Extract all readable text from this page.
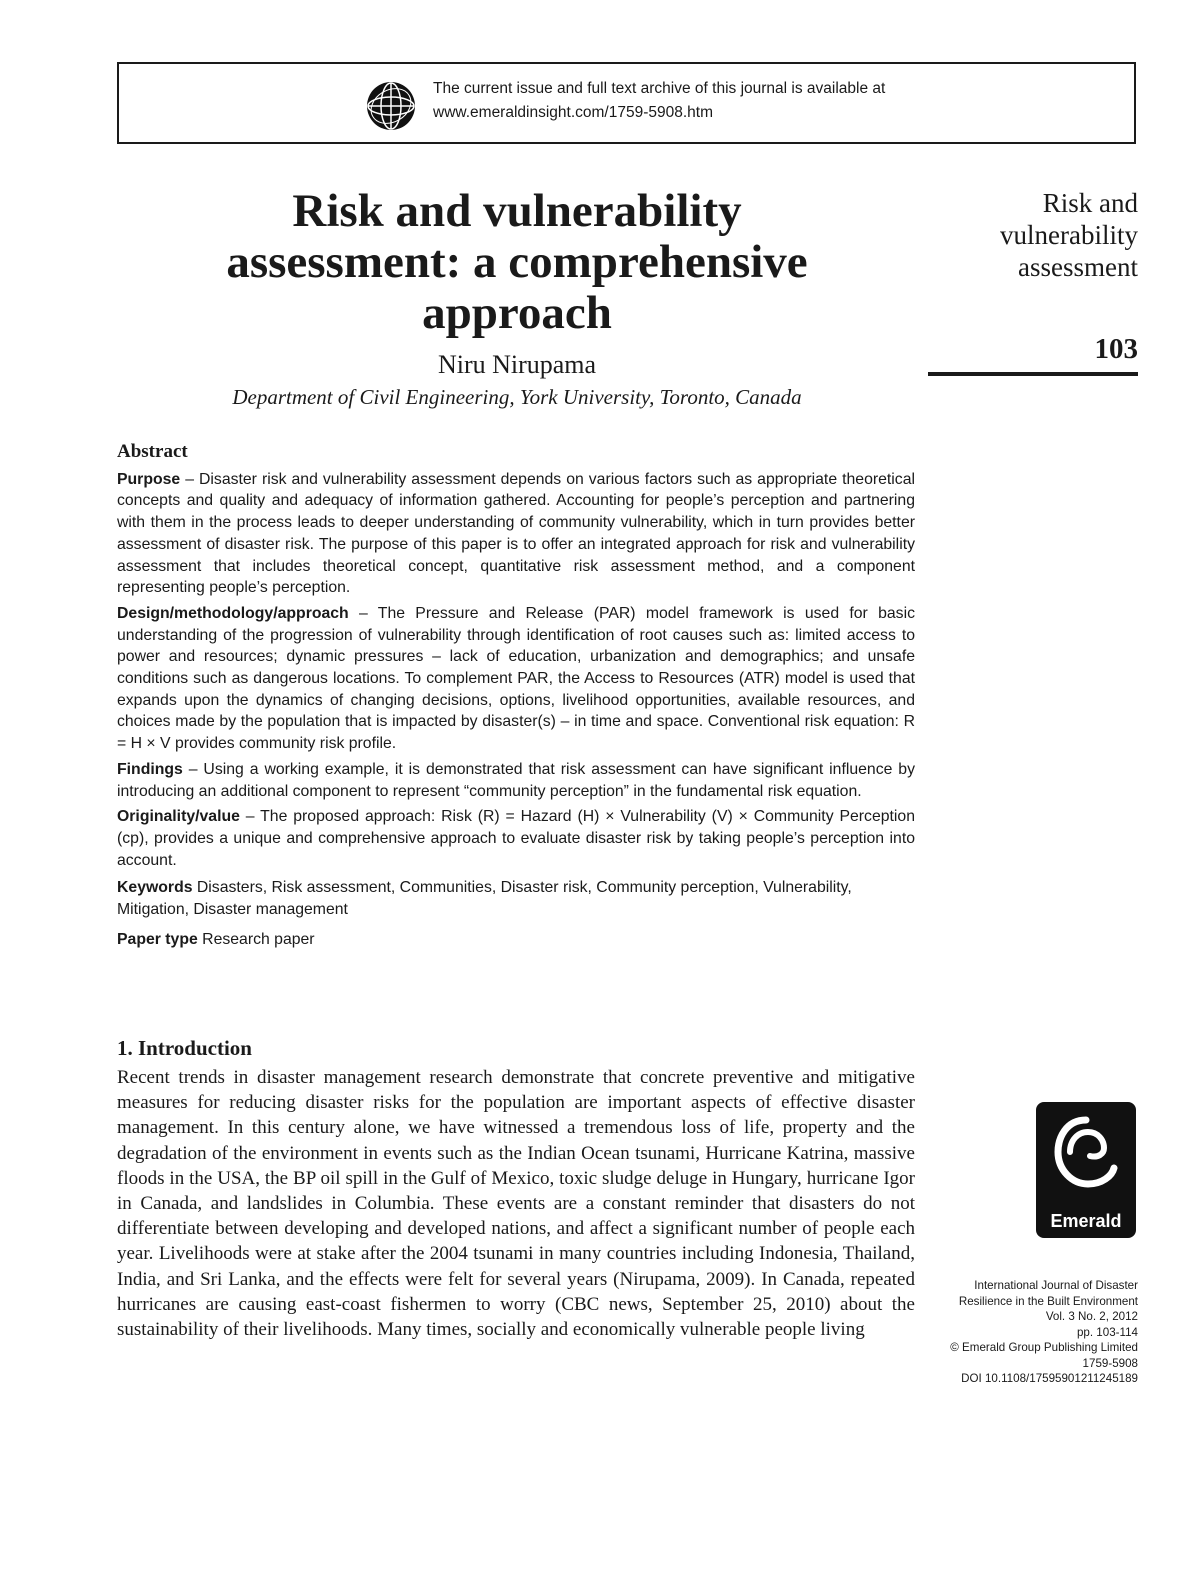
The current issue and full text archive of this journal is available at
www.emeraldinsight.com/1759-5908.htm
Risk and vulnerability
assessment: a comprehensive
approach
Niru Nirupama
Department of Civil Engineering, York University, Toronto, Canada
Risk and
vulnerability
assessment
103
Abstract

Purpose – Disaster risk and vulnerability assessment depends on various factors such as appropriate theoretical concepts and quality and adequacy of information gathered. Accounting for people’s perception and partnering with them in the process leads to deeper understanding of community vulnerability, which in turn provides better assessment of disaster risk. The purpose of this paper is to offer an integrated approach for risk and vulnerability assessment that includes theoretical concept, quantitative risk assessment method, and a component representing people’s perception.

Design/methodology/approach – The Pressure and Release (PAR) model framework is used for basic understanding of the progression of vulnerability through identification of root causes such as: limited access to power and resources; dynamic pressures – lack of education, urbanization and demographics; and unsafe conditions such as dangerous locations. To complement PAR, the Access to Resources (ATR) model is used that expands upon the dynamics of changing decisions, options, livelihood opportunities, available resources, and choices made by the population that is impacted by disaster(s) – in time and space. Conventional risk equation: R = H × V provides community risk profile.

Findings – Using a working example, it is demonstrated that risk assessment can have significant influence by introducing an additional component to represent “community perception” in the fundamental risk equation.

Originality/value – The proposed approach: Risk (R) = Hazard (H) × Vulnerability (V) × Community Perception (cp), provides a unique and comprehensive approach to evaluate disaster risk by taking people’s perception into account.

Keywords Disasters, Risk assessment, Communities, Disaster risk, Community perception, Vulnerability, Mitigation, Disaster management

Paper type Research paper

1. Introduction

Recent trends in disaster management research demonstrate that concrete preventive and mitigative measures for reducing disaster risks for the population are important aspects of effective disaster management. In this century alone, we have witnessed a tremendous loss of life, property and the degradation of the environment in events such as the Indian Ocean tsunami, Hurricane Katrina, massive floods in the USA, the BP oil spill in the Gulf of Mexico, toxic sludge deluge in Hungary, hurricane Igor in Canada, and landslides in Columbia. These events are a constant reminder that disasters do not differentiate between developing and developed nations, and affect a significant number of people each year. Livelihoods were at stake after the 2004 tsunami in many countries including Indonesia, Thailand, India, and Sri Lanka, and the effects were felt for several years (Nirupama, 2009). In Canada, repeated hurricanes are causing east-coast fishermen to worry (CBC news, September 25, 2010) about the sustainability of their livelihoods. Many times, socially and economically vulnerable people living

Emerald
International Journal of Disaster
Resilience in the Built Environment
Vol. 3 No. 2, 2012
pp. 103-114
© Emerald Group Publishing Limited
1759-5908
DOI 10.1108/17595901211245189
